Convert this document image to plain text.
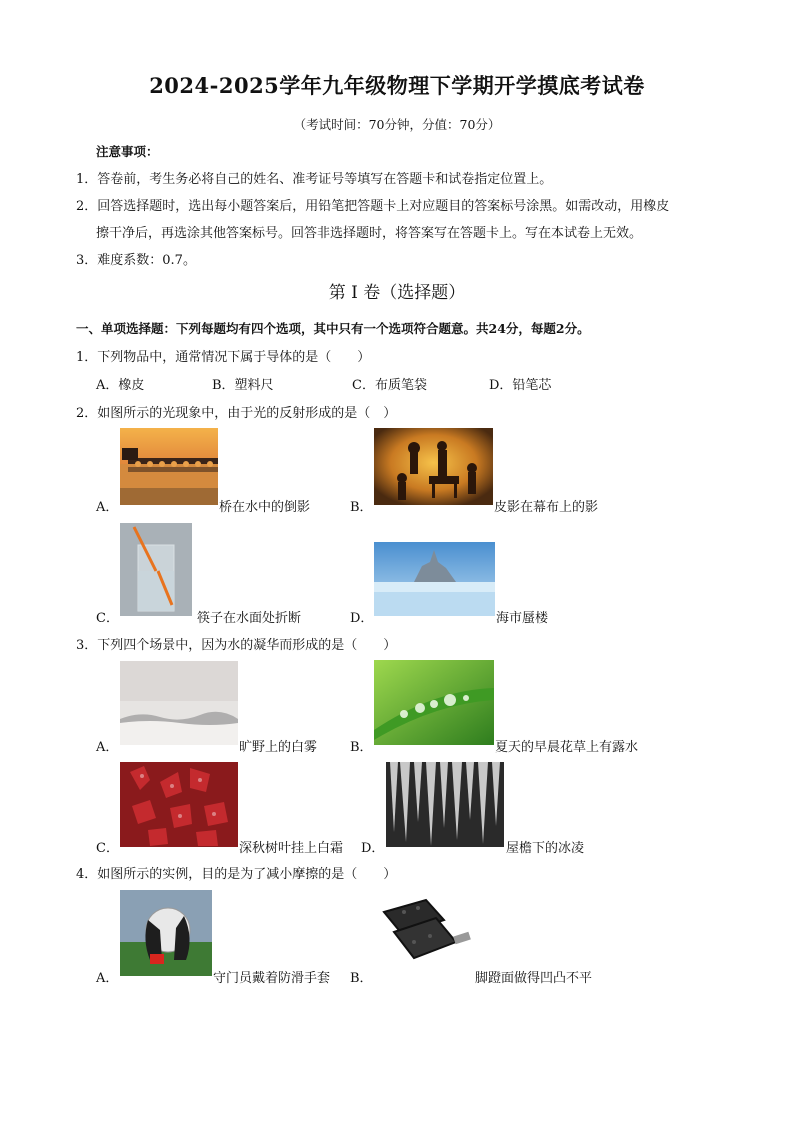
2024-2025学年九年级物理下学期开学摸底考试卷
（考试时间：70分钟，分值：70分）
注意事项：
1．答卷前，考生务必将自己的姓名、准考证号等填写在答题卡和试卷指定位置上。
2．回答选择题时，选出每小题答案后，用铅笔把答题卡上对应题目的答案标号涂黑。如需改动，用橡皮
擦干净后，再选涂其他答案标号。回答非选择题时，将答案写在答题卡上。写在本试卷上无效。
3．难度系数：0.7。
第 I 卷（选择题）
一、单项选择题：下列每题均有四个选项，其中只有一个选项符合题意。共24分，每题2分。
1．下列物品中，通常情况下属于导体的是（　　）
A．橡皮	B．塑料尺	C．布质笔袋	D．铅笔芯
2．如图所示的光现象中，由于光的反射形成的是（　）
A．	桥在水中的倒影	B．	皮影在幕布上的影
C．	筷子在水面处折断	D．	海市蜃楼
3．下列四个场景中，因为水的凝华而形成的是（　　）
A．	旷野上的白雾	B．	夏天的早晨花草上有露水
C．	深秋树叶挂上白霜 D．	屋檐下的冰凌
4．如图所示的实例，目的是为了减小摩擦的是（　　）
A．	守门员戴着防滑手套 B．	脚蹬面做得凹凸不平
